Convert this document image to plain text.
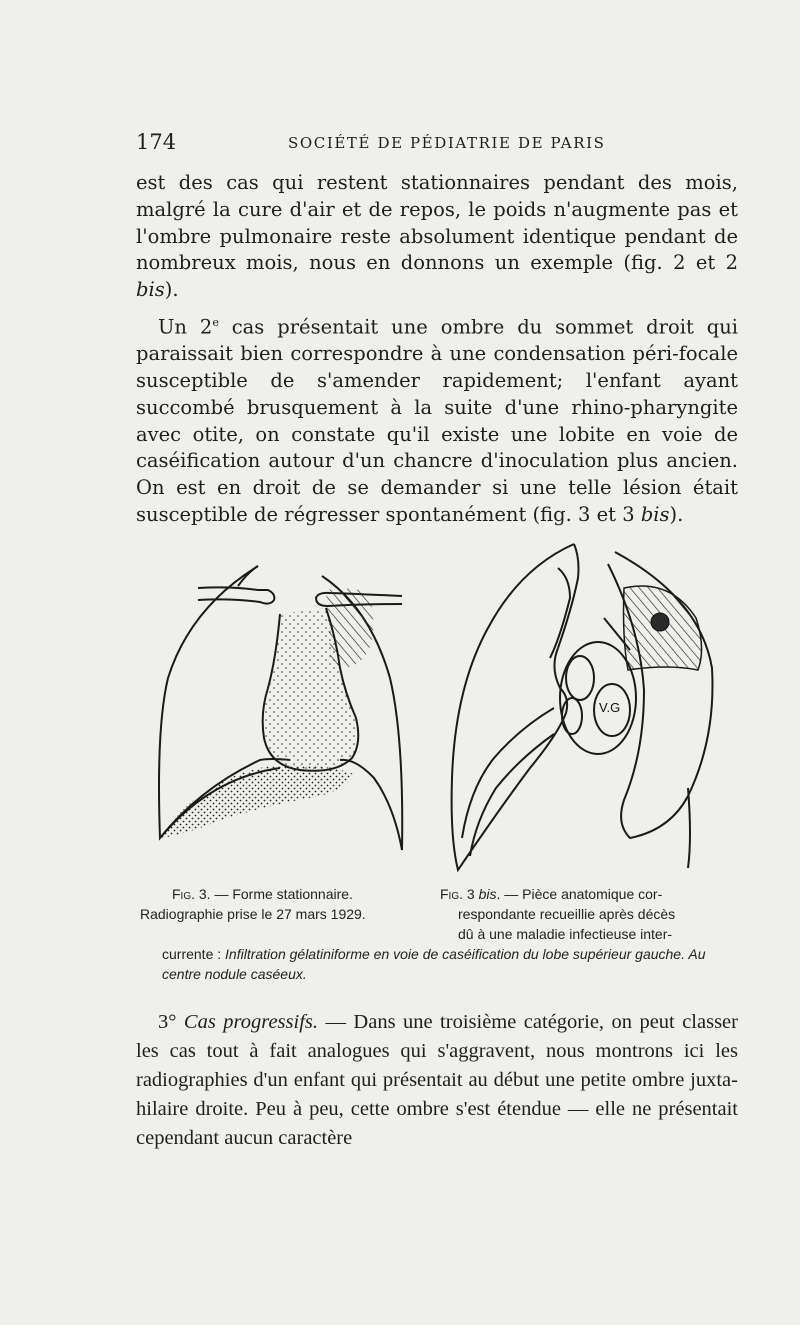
174	SOCIÉTÉ DE PÉDIATRIE DE PARIS

est des cas qui restent stationnaires pendant des mois, malgré la cure d'air et de repos, le poids n'augmente pas et l'ombre pulmonaire reste absolument identique pendant de nombreux mois, nous en donnons un exemple (fig. 2 et 2 bis).

Un 2e cas présentait une ombre du sommet droit qui paraissait bien correspondre à une condensation péri-focale susceptible de s'amender rapidement; l'enfant ayant succombé brusquement à la suite d'une rhino-pharyngite avec otite, on constate qu'il existe une lobite en voie de caséification autour d'un chancre d'inoculation plus ancien. On est en droit de se demander si une telle lésion était susceptible de régresser spontanément (fig. 3 et 3 bis).

V.G
Fig. 3. — Forme stationnaire.
Radiographie prise le 27 mars 1929.
Fig. 3 bis. — Pièce anatomique cor-
respondante recueillie après décès
dû à une maladie infectieuse inter-
currente : Infiltration gélatiniforme en voie de caséification du lobe supérieur gauche. Au centre nodule caséeux.

3° Cas progressifs. — Dans une troisième catégorie, on peut classer les cas tout à fait analogues qui s'aggravent, nous montrons ici les radiographies d'un enfant qui présentait au début une petite ombre juxta-hilaire droite. Peu à peu, cette ombre s'est étendue — elle ne présentait cependant aucun caractère
